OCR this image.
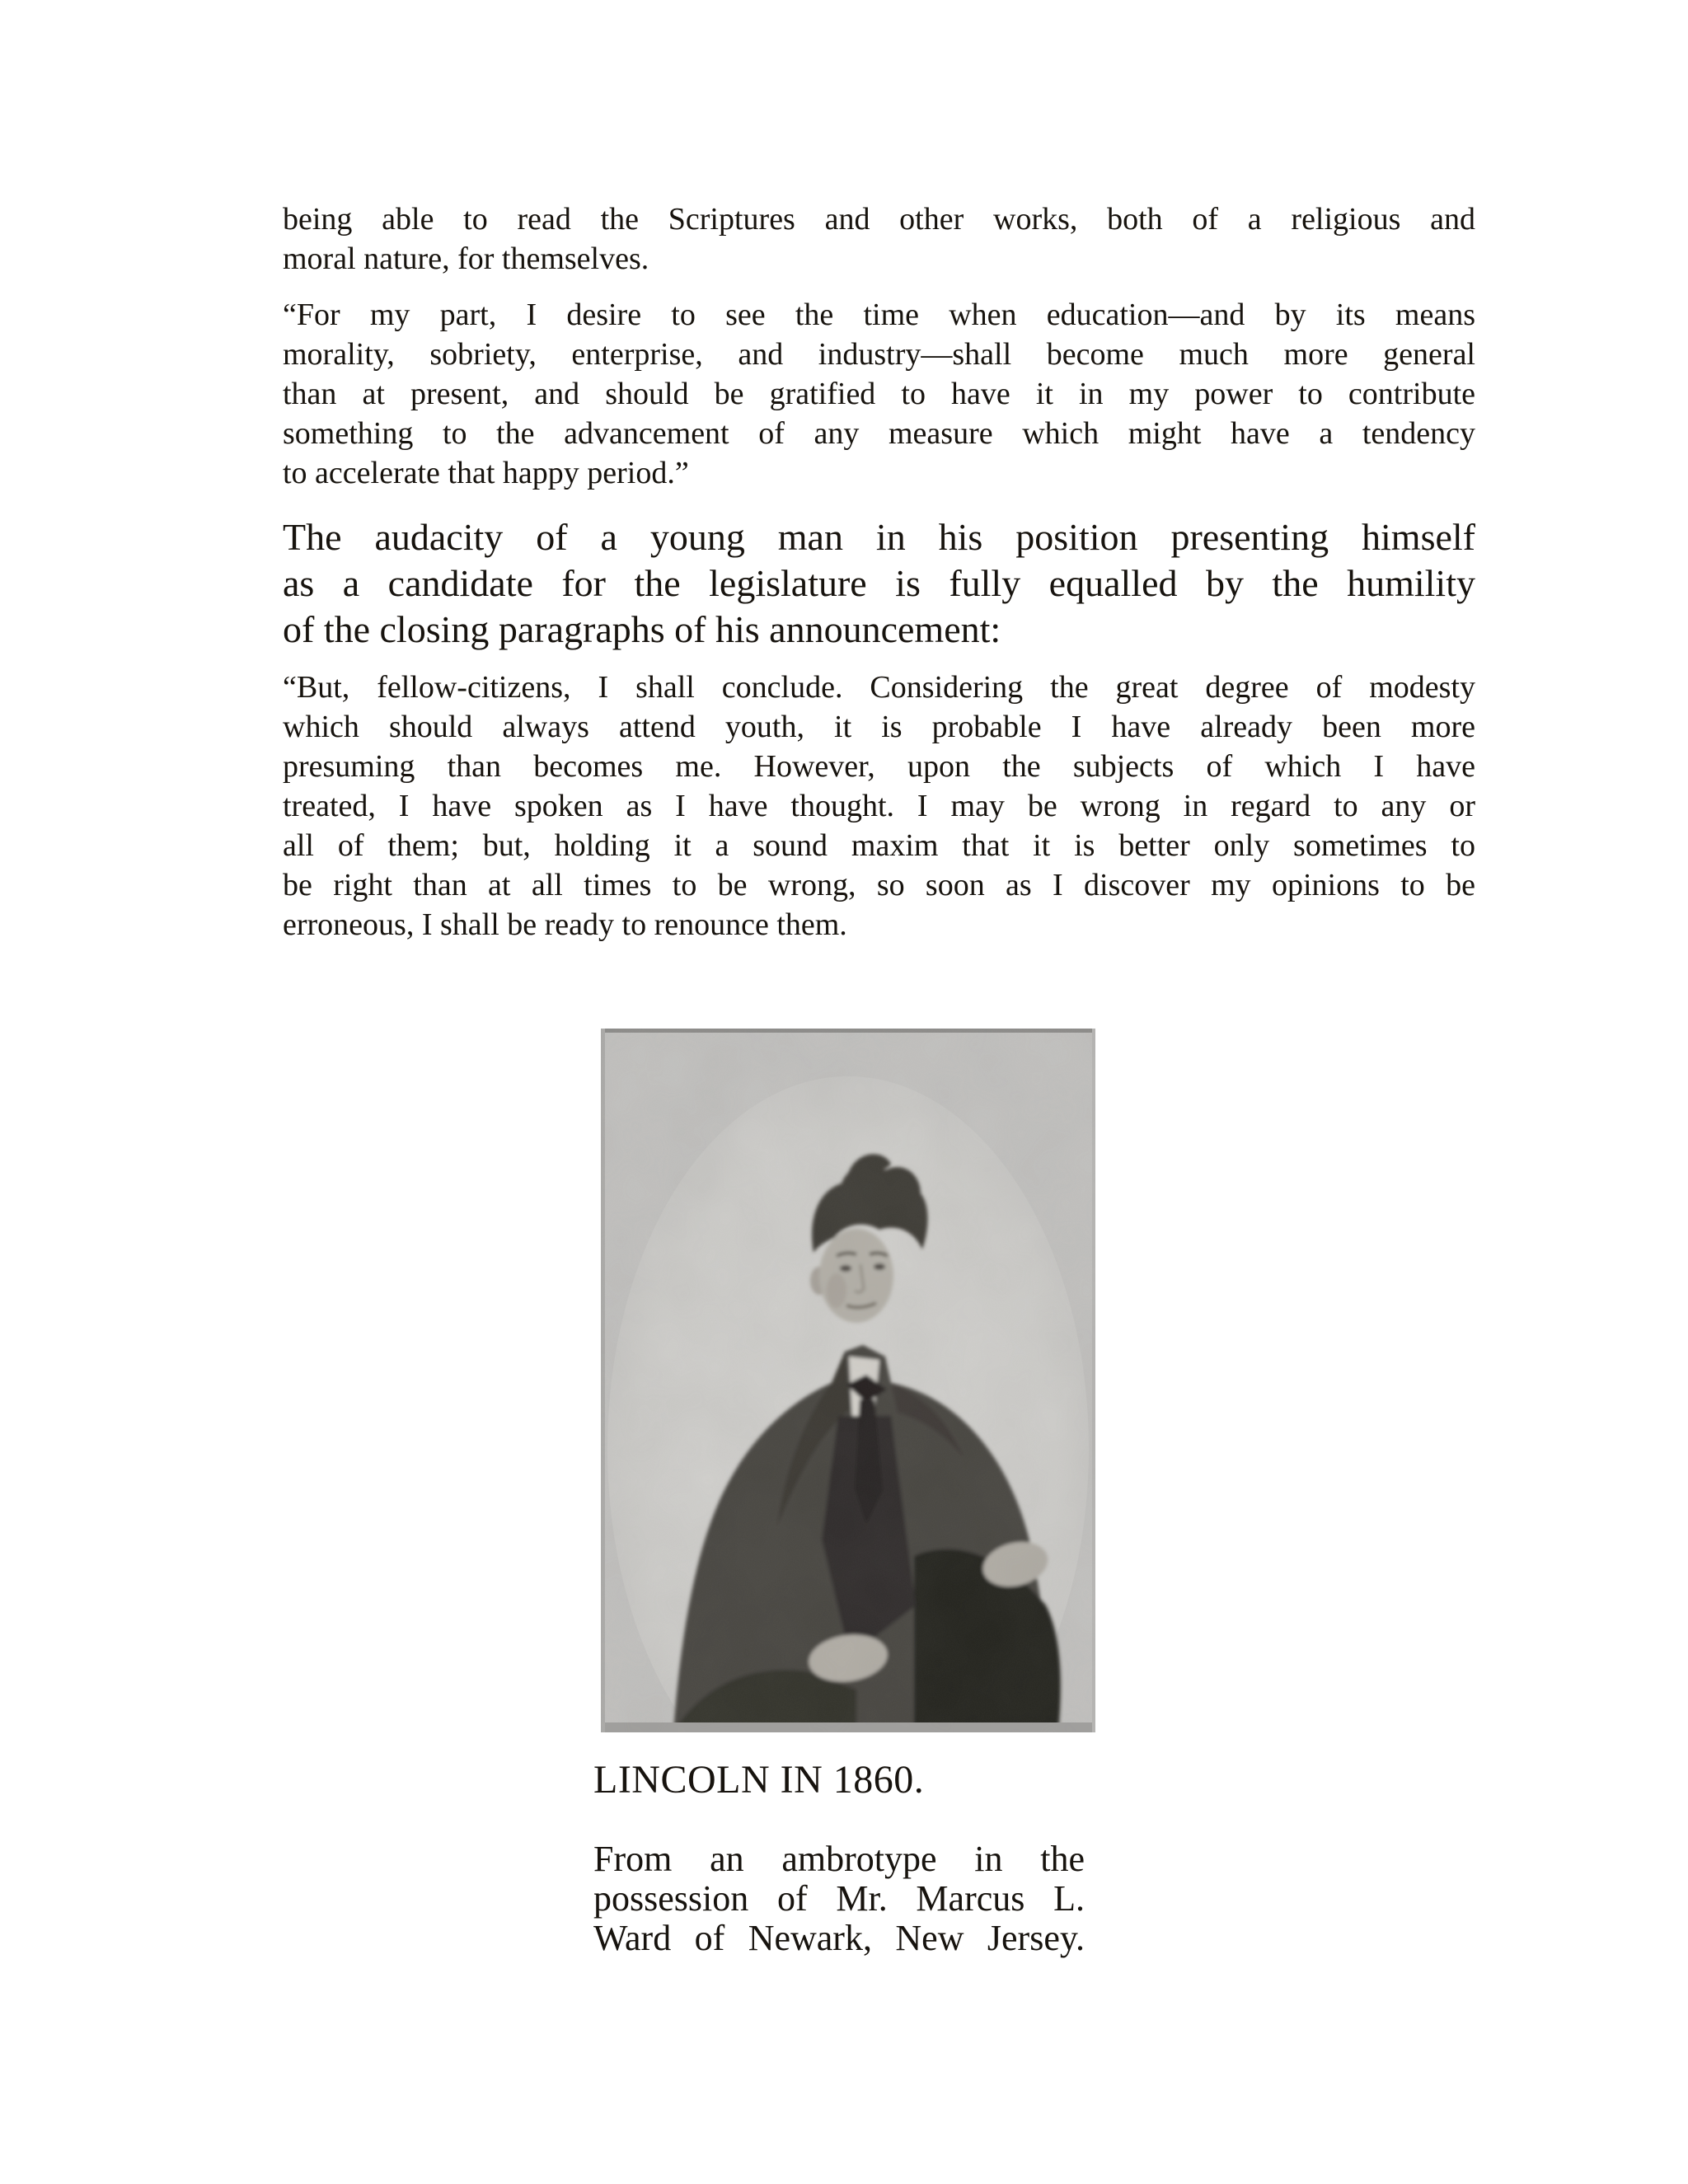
being able to read the Scriptures and other works, both of a religious and
moral nature, for themselves.
“For my part, I desire to see the time when education—and by its means
morality, sobriety, enterprise, and industry—shall become much more general
than at present, and should be gratified to have it in my power to contribute
something to the advancement of any measure which might have a tendency
to accelerate that happy period.”
The audacity of a young man in his position presenting himself
as a candidate for the legislature is fully equalled by the humility
of the closing paragraphs of his announcement:
“But, fellow-citizens, I shall conclude. Considering the great degree of modesty
which should always attend youth, it is probable I have already been more
presuming than becomes me. However, upon the subjects of which I have
treated, I have spoken as I have thought. I may be wrong in regard to any or
all of them; but, holding it a sound maxim that it is better only sometimes to
be right than at all times to be wrong, so soon as I discover my opinions to be
erroneous, I shall be ready to renounce them.
LINCOLN IN 1860.
From an ambrotype in the
possession of Mr. Marcus L.
Ward of Newark, New Jersey.
